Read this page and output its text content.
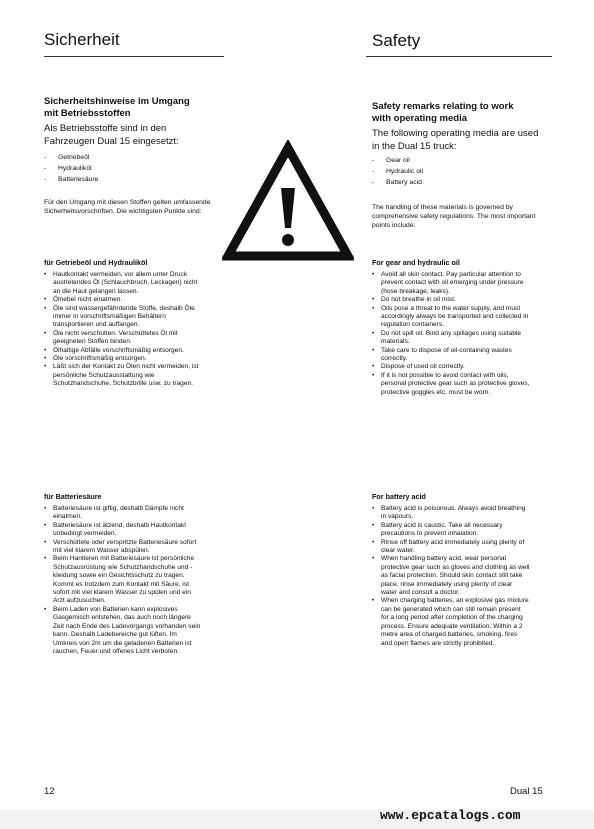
Sicherheit
Sicherheitshinweise im Umgang mit Betriebsstoffen
Als Betriebsstoffe sind in den Fahrzeugen Dual 15 eingesetzt:
- Getriebeöl
- Hydrauliköl
- Batteriesäure
Für den Umgang mit diesen Stoffen gelten umfassende Sicherheitsvorschriften. Die wichtigsten Punkte sind:
für Getriebeöl und Hydrauliköl
• Hautkontakt vermeiden, vor allem unter Druck austretendes Öl (Schlauchbruch, Leckagen) nicht an die Haut gelangen lassen.
• Ölnebel nicht einatmen.
• Öle sind wassergefährdende Stoffe, deshalb Öle immer in vorschriftsmäßigen Behältern transportieren und auffangen.
• Öle nicht verschütten. Verschüttetes Öl mit geeigneten Stoffen binden.
• Ölhaltige Abfälle vorschriftsmäßig entsorgen.
• Öle vorschriftsmäßig entsorgen.
• Läßt sich der Kontakt zu Ölen nicht vermeiden, ist persönliche Schutzausstattung wie Schutzhandschuhe, Schutzbrille usw. zu tragen.
für Batteriesäure
• Batteriesäure ist giftig, deshalb Dämpfe nicht einatmen.
• Batteriesäure ist ätzend, deshalb Hautkontakt unbedingt vermeiden.
• Verschüttete oder verspritzte Batteriesäure sofort mit viel klarem Wasser abspülen.
• Beim Hantieren mit Batteriesäure ist persönliche Schutzausrüstung wie Schutzhandschuhe und -kleidung sowie ein Gesichtsschutz zu tragen. Kommt es trotzdem zum Kontakt mit Säure, ist sofort mit viel klarem Wasser zu spülen und ein Arzt aufzusuchen.
• Beim Laden von Batterien kann explosives Gasgemisch entstehen, das auch noch längere Zeit nach Ende des Ladevorgangs vorhanden sein kann. Deshalb Ladebereiche gut lüften. Im Umkreis von 2m um die geladenen Batterien ist rauchen, Feuer und offenes Licht verboten.
12
Safety
Safety remarks relating to work with operating media
The following operating media are used in the Dual 15 truck:
- Gear oil
- Hydraulic oil
- Battery acid
The handling of these materials is governed by comprehensive safety regulations. The most important points include:
For gear and hydraulic oil
• Avoid all skin contact. Pay particular attention to prevent contact with oil emerging under pressure (hose breakage, leaks).
• Do not breathe in oil mist.
• Oils pose a threat to the water supply, and must accordingly always be transported and collected in regulation containers.
• Do not spill oil. Bind any spillages using suitable materials.
• Take care to dispose of oil-containing wastes correctly.
• Dispose of used oil correctly.
• If it is not possible to avoid contact with oils, personal protective gear such as protective gloves, protective goggles etc. must be worn.
For battery acid
• Battery acid is poisonous. Always avoid breathing in vapours.
• Battery acid is caustic. Take all necessary precautions to prevent inhalation.
• Rinse off battery acid immediately using plenty of clear water.
• When handling battery acid, wear personal protective gear such as gloves and clothing as well as facial protection. Should skin contact still take place, rinse immediately using plenty of clear water and consult a doctor.
• When charging batteries, an explosive gas mixture can be generated which can still remain present for a long period after completion of the charging process. Ensure adequate ventilation. Within a 2 metre area of charged batteries, smoking, fires and open flames are strictly prohibited.
Dual 15
www.epcatalogs.com
